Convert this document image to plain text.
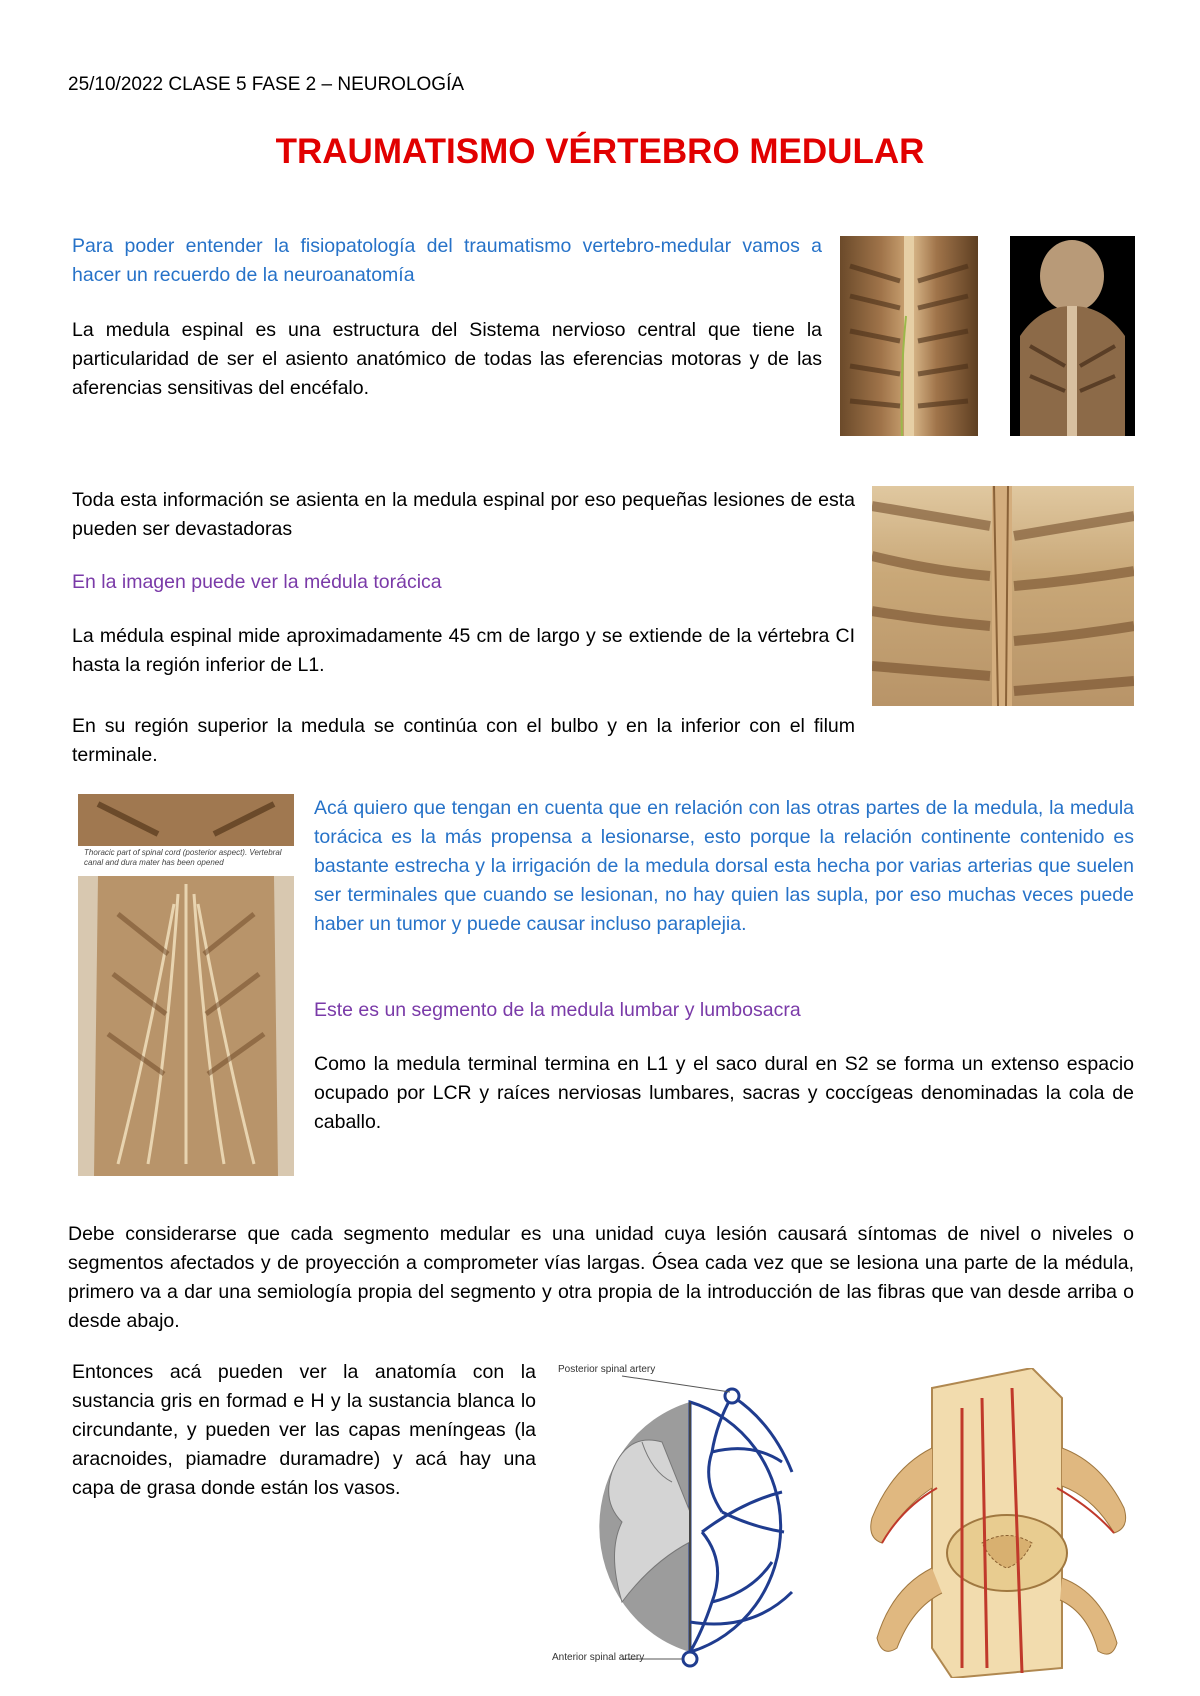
25/10/2022 CLASE 5 FASE 2 – NEUROLOGÍA
TRAUMATISMO VÉRTEBRO MEDULAR
Para poder entender la fisiopatología del traumatismo vertebro-medular vamos a hacer un recuerdo de la neuroanatomía
La medula espinal es una estructura del Sistema nervioso central que tiene la particularidad de ser el asiento anatómico de todas las eferencias motoras y de las aferencias sensitivas del encéfalo.
Toda esta información se asienta en la medula espinal por eso pequeñas lesiones de esta pueden ser devastadoras
En la imagen puede ver la médula torácica
La médula espinal mide aproximadamente 45 cm de largo y se extiende de la vértebra CI hasta la región inferior de L1.
En su región superior la medula se continúa con el bulbo y en la inferior con el filum terminale.
Thoracic part of spinal cord (posterior aspect). Vertebral canal and dura mater has been opened
Acá quiero que tengan en cuenta que en relación con las otras partes de la medula, la medula torácica es la más propensa a lesionarse, esto porque la relación continente contenido es bastante estrecha y la irrigación de la medula dorsal esta hecha por varias arterias que suelen ser terminales que cuando se lesionan, no hay quien las supla, por eso muchas veces puede haber un tumor y puede causar incluso paraplejia.
Este es un segmento de la medula lumbar y lumbosacra
Como la medula terminal termina en L1 y el saco dural en S2 se forma un extenso espacio ocupado por LCR y raíces nerviosas lumbares, sacras y coccígeas denominadas la cola de caballo.
Debe considerarse que cada segmento medular es una unidad cuya lesión causará síntomas de nivel o niveles o segmentos afectados y de proyección a comprometer vías largas. Ósea cada vez que se lesiona una parte de la médula, primero va a dar una semiología propia del segmento y otra propia de la introducción de las fibras que van desde arriba o desde abajo.
Entonces acá pueden ver la anatomía con la sustancia gris en formad e H y la sustancia blanca lo circundante, y pueden ver las capas meníngeas (la aracnoides, piamadre duramadre) y acá hay una capa de grasa donde están los vasos.
Posterior spinal artery
Anterior spinal artery
